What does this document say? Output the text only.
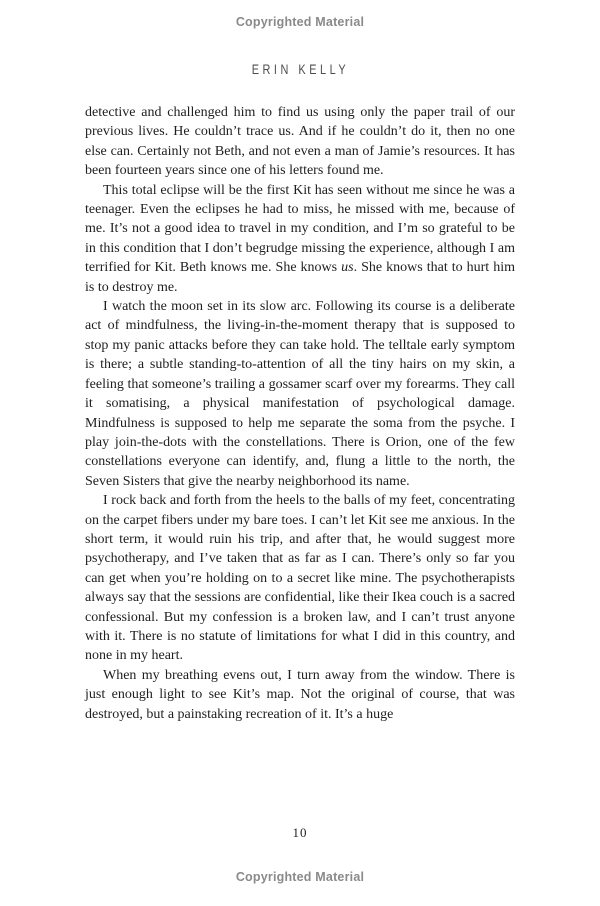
Copyrighted Material
ERIN KELLY

detective and challenged him to find us using only the paper trail of our previous lives. He couldn’t trace us. And if he couldn’t do it, then no one else can. Certainly not Beth, and not even a man of Jamie’s resources. It has been fourteen years since one of his letters found me.

This total eclipse will be the first Kit has seen without me since he was a teenager. Even the eclipses he had to miss, he missed with me, because of me. It’s not a good idea to travel in my condition, and I’m so grateful to be in this condition that I don’t begrudge missing the experience, although I am terrified for Kit. Beth knows me. She knows us. She knows that to hurt him is to destroy me.

I watch the moon set in its slow arc. Following its course is a deliberate act of mindfulness, the living-in-the-moment therapy that is supposed to stop my panic attacks before they can take hold. The telltale early symptom is there; a subtle standing-to-attention of all the tiny hairs on my skin, a feeling that someone’s trailing a gossamer scarf over my forearms. They call it somatising, a physical manifestation of psychological damage. Mindfulness is supposed to help me separate the soma from the psyche. I play join-the-dots with the constellations. There is Orion, one of the few constellations everyone can identify, and, flung a little to the north, the Seven Sisters that give the nearby neighborhood its name.

I rock back and forth from the heels to the balls of my feet, concentrating on the carpet fibers under my bare toes. I can’t let Kit see me anxious. In the short term, it would ruin his trip, and after that, he would suggest more psychotherapy, and I’ve taken that as far as I can. There’s only so far you can get when you’re holding on to a secret like mine. The psychotherapists always say that the sessions are confidential, like their Ikea couch is a sacred confessional. But my confession is a broken law, and I can’t trust anyone with it. There is no statute of limitations for what I did in this country, and none in my heart.

When my breathing evens out, I turn away from the window. There is just enough light to see Kit’s map. Not the original of course, that was destroyed, but a painstaking recreation of it. It’s a huge

10
Copyrighted Material
